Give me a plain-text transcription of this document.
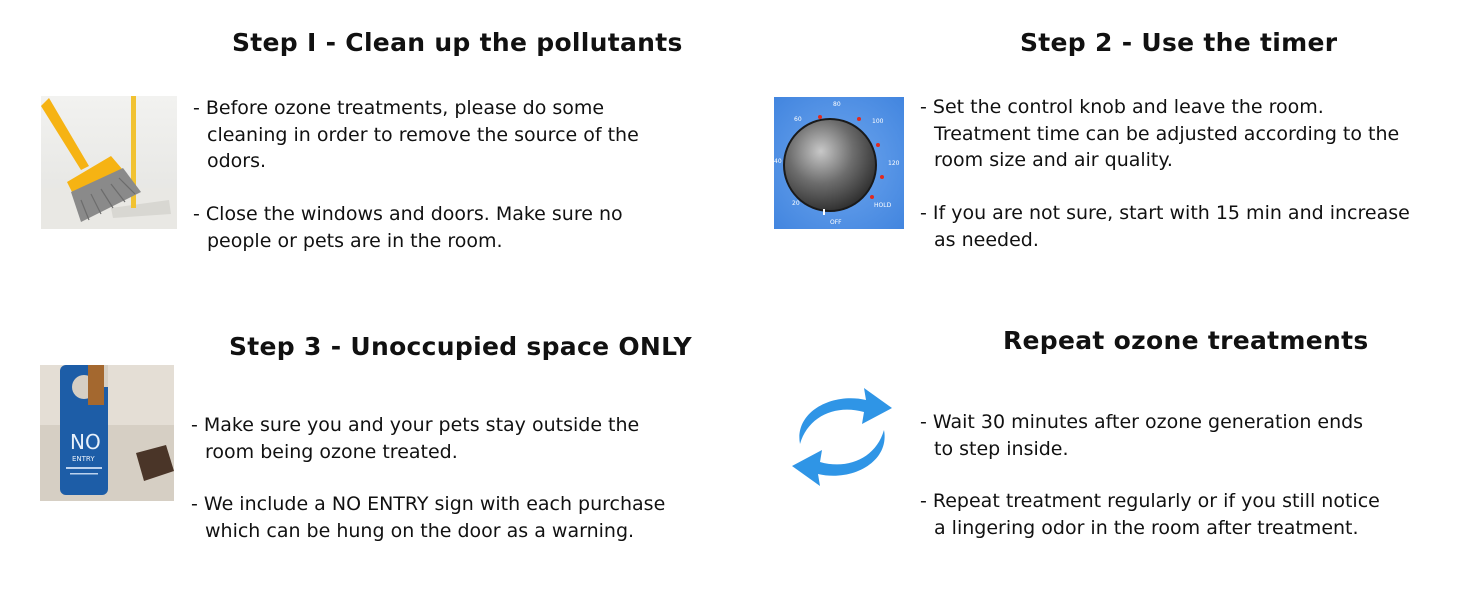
Step I - Clean up the pollutants
- Before ozone treatments, please do some
cleaning in order to remove the source of the
odors.
- Close the windows and doors. Make sure no
people or pets are in the room.
Step 2 - Use the timer
80
60	100
40	120
20	HOLD
OFF
- Set the control knob and leave the room.
Treatment time can be adjusted according to the
room size and air quality.
- If you are not sure, start with 15 min and increase
as needed.
Step 3 - Unoccupied space ONLY
NO
ENTRY
- Make sure you and your pets stay outside the
room being ozone treated.
- We include a NO ENTRY sign with each purchase
which can be hung on the door as a warning.
Repeat ozone treatments
- Wait 30 minutes after ozone generation ends
to step inside.
- Repeat treatment regularly or if you still notice
a lingering odor in the room after treatment.
